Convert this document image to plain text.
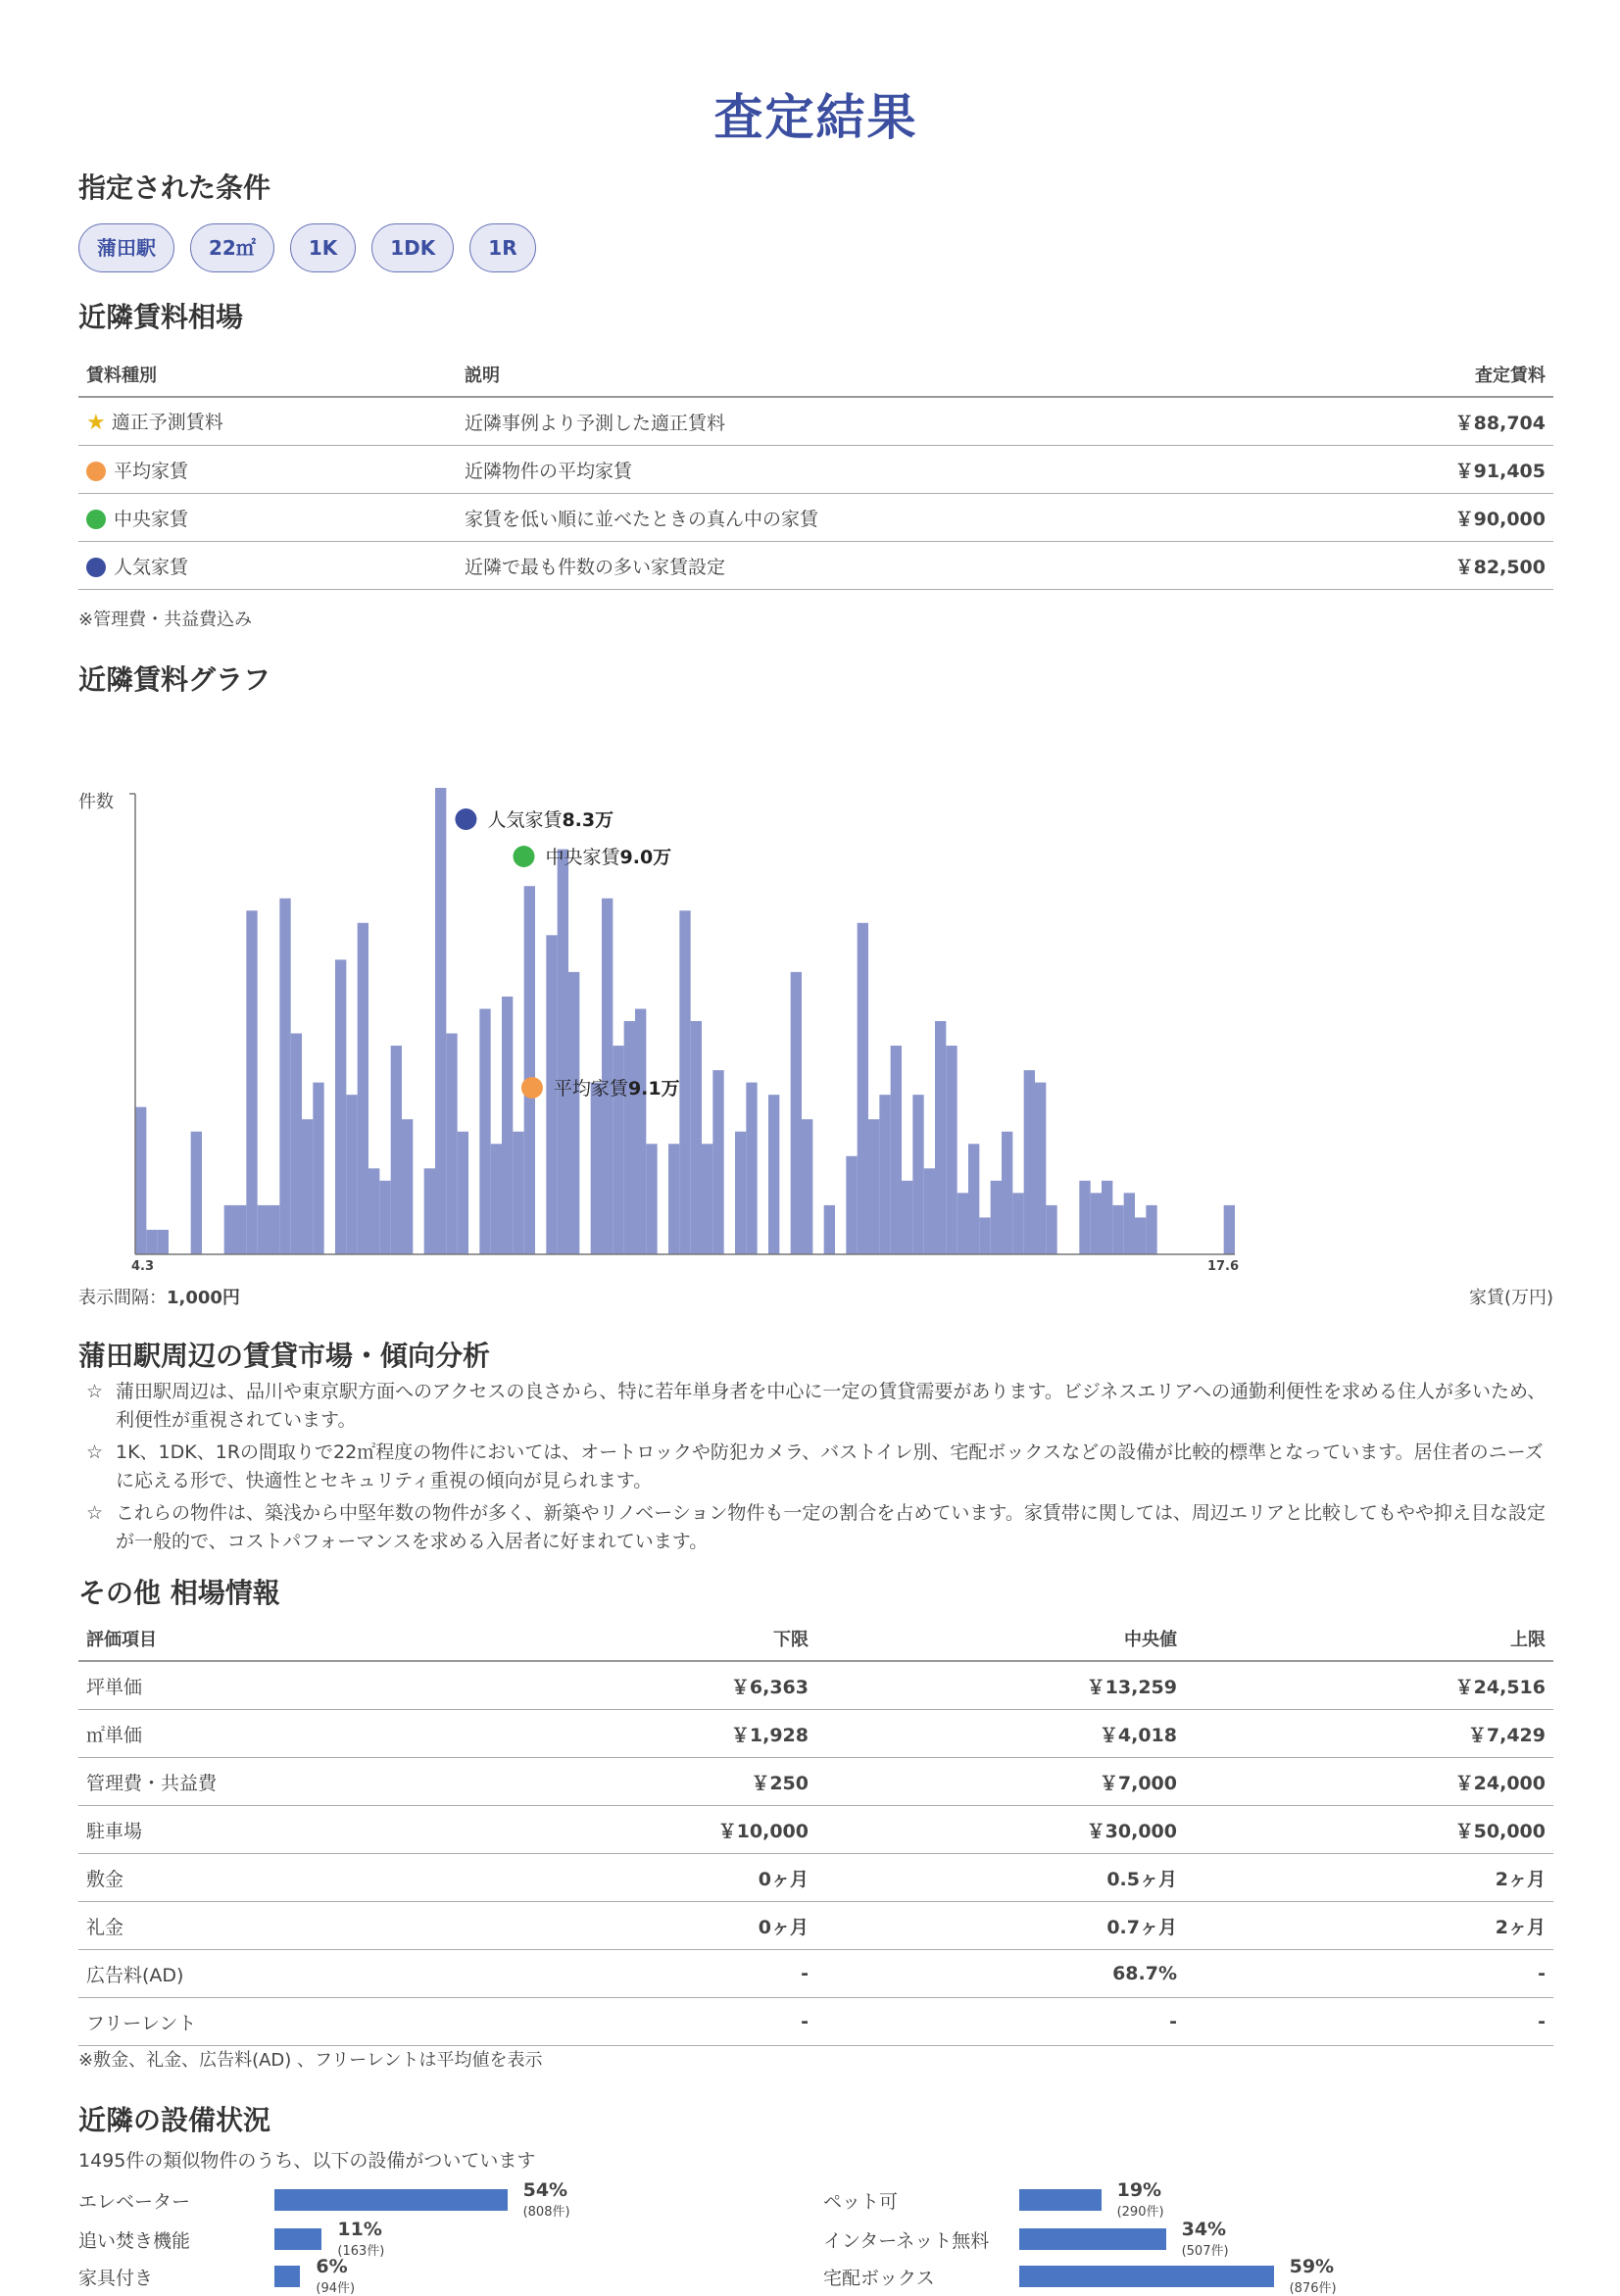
査定結果
指定された条件
蒲田駅	22㎡	1K	1DK	1R
近隣賃料相場
賃料種別	説明	査定賃料
★ 適正予測賃料	近隣事例より予測した適正賃料	￥88,704
平均家賃	近隣物件の平均家賃	￥91,405
中央家賃	家賃を低い順に並べたときの真ん中の家賃	￥90,000
人気家賃	近隣で最も件数の多い家賃設定	￥82,500
※管理費・共益費込み
近隣賃料グラフ
件数
4.3	17.6
人気家賃8.3万
中央家賃9.0万
平均家賃9.1万
表示間隔：1,000円	家賃(万円)
蒲田駅周辺の賃貸市場・傾向分析
☆ 蒲田駅周辺は、品川や東京駅方面へのアクセスの良さから、特に若年単身者を中心に一定の賃貸需要があります。ビジネスエリアへの通勤利便性を求める住人が多いため、利便性が重視されています。
☆ 1K、1DK、1Rの間取りで22㎡程度の物件においては、オートロックや防犯カメラ、バストイレ別、宅配ボックスなどの設備が比較的標準となっています。居住者のニーズに応える形で、快適性とセキュリティ重視の傾向が見られます。
☆ これらの物件は、築浅から中堅年数の物件が多く、新築やリノベーション物件も一定の割合を占めています。家賃帯に関しては、周辺エリアと比較してもやや抑え目な設定が一般的で、コストパフォーマンスを求める入居者に好まれています。
その他 相場情報
評価項目	下限	中央値	上限
坪単価	￥6,363	￥13,259	￥24,516
㎡単価	￥1,928	￥4,018	￥7,429
管理費・共益費	￥250	￥7,000	￥24,000
駐車場	￥10,000	￥30,000	￥50,000
敷金	0ヶ月	0.5ヶ月	2ヶ月
礼金	0ヶ月	0.7ヶ月	2ヶ月
広告料(AD)	-	68.7%	-
フリーレント	-	-	-
※敷金、礼金、広告料(AD) 、フリーレントは平均値を表示
近隣の設備状況
1495件の類似物件のうち、以下の設備がついています
エレベーター
54%
(808件)
追い焚き機能
11%
(163件)
家具付き
6%
(94件)
ペット可
19%
(290件)
インターネット無料
34%
(507件)
宅配ボックス
59%
(876件)
